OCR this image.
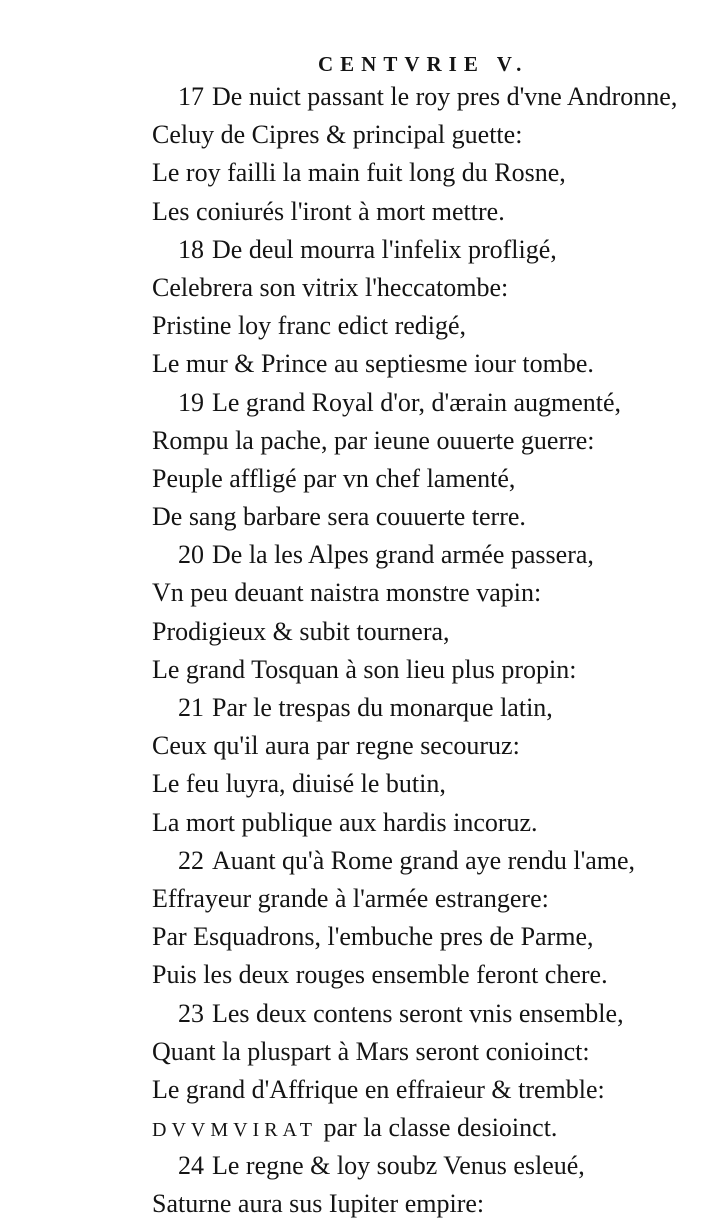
CENTVRIE V.
17 De nuict passant le roy pres d'vne Andronne,
Celuy de Cipres & principal guette:
Le roy failli la main fuit long du Rosne,
Les coniurés l'iront à mort mettre.
18 De deul mourra l'infelix profligé,
Celebrera son vitrix l'heccatombe:
Pristine loy franc edict redigé,
Le mur & Prince au septiesme iour tombe.
19 Le grand Royal d'or, d'ærain augmenté,
Rompu la pache, par ieune ouuerte guerre:
Peuple affligé par vn chef lamenté,
De sang barbare sera couuerte terre.
20 De la les Alpes grand armée passera,
Vn peu deuant naistra monstre vapin:
Prodigieux & subit tournera,
Le grand Tosquan à son lieu plus propin:
21 Par le trespas du monarque latin,
Ceux qu'il aura par regne secouruz:
Le feu luyra, diuisé le butin,
La mort publique aux hardis incoruz.
22 Auant qu'à Rome grand aye rendu l'ame,
Effrayeur grande à l'armée estrangere:
Par Esquadrons, l'embuche pres de Parme,
Puis les deux rouges ensemble feront chere.
23 Les deux contens seront vnis ensemble,
Quant la pluspart à Mars seront conioinct:
Le grand d'Affrique en effraieur & tremble:
DVVMVIRAT par la classe desioinct.
24 Le regne & loy soubz Venus esleué,
Saturne aura sus Iupiter empire:
